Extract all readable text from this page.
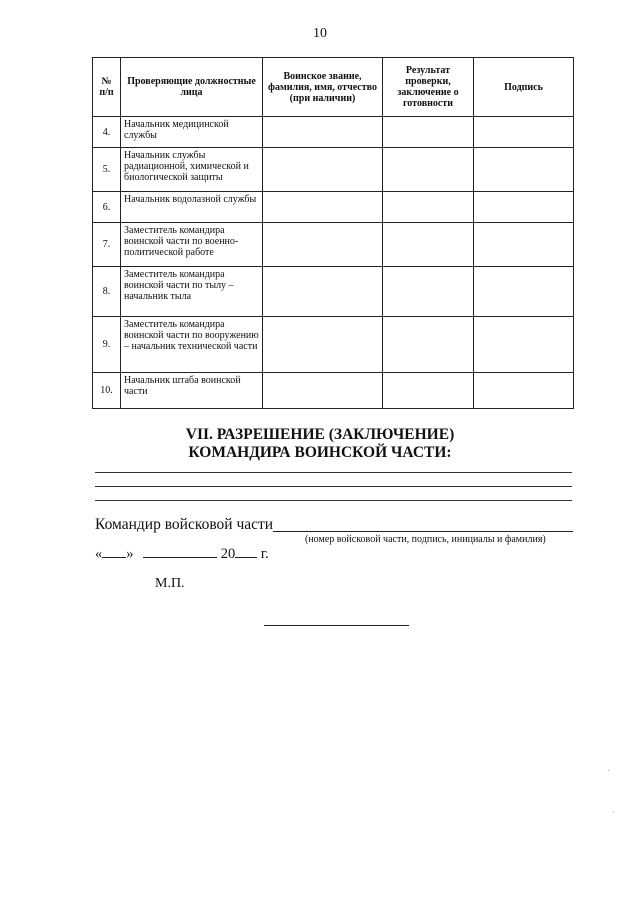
10
№ п/п	Проверяющие должностные лица	Воинское звание, фамилия, имя, отчество (при наличии)	Результат проверки, заключение о готовности	Подпись
4.	Начальник медицинской службы			
5.	Начальник службы радиационной, химической и биологической защиты			
6.	Начальник водолазной службы			
7.	Заместитель командира воинской части по военно-политической работе			
8.	Заместитель командира воинской части по тылу – начальник тыла			
9.	Заместитель командира воинской части по вооружению – начальник технической части			
10.	Начальник штаба воинской части			
VII. РАЗРЕШЕНИЕ (ЗАКЛЮЧЕНИЕ)
КОМАНДИРА ВОИНСКОЙ ЧАСТИ:
Командир войсковой части
(номер войсковой части, подпись, инициалы и фамилия)
« »	20 г.
М.П.
